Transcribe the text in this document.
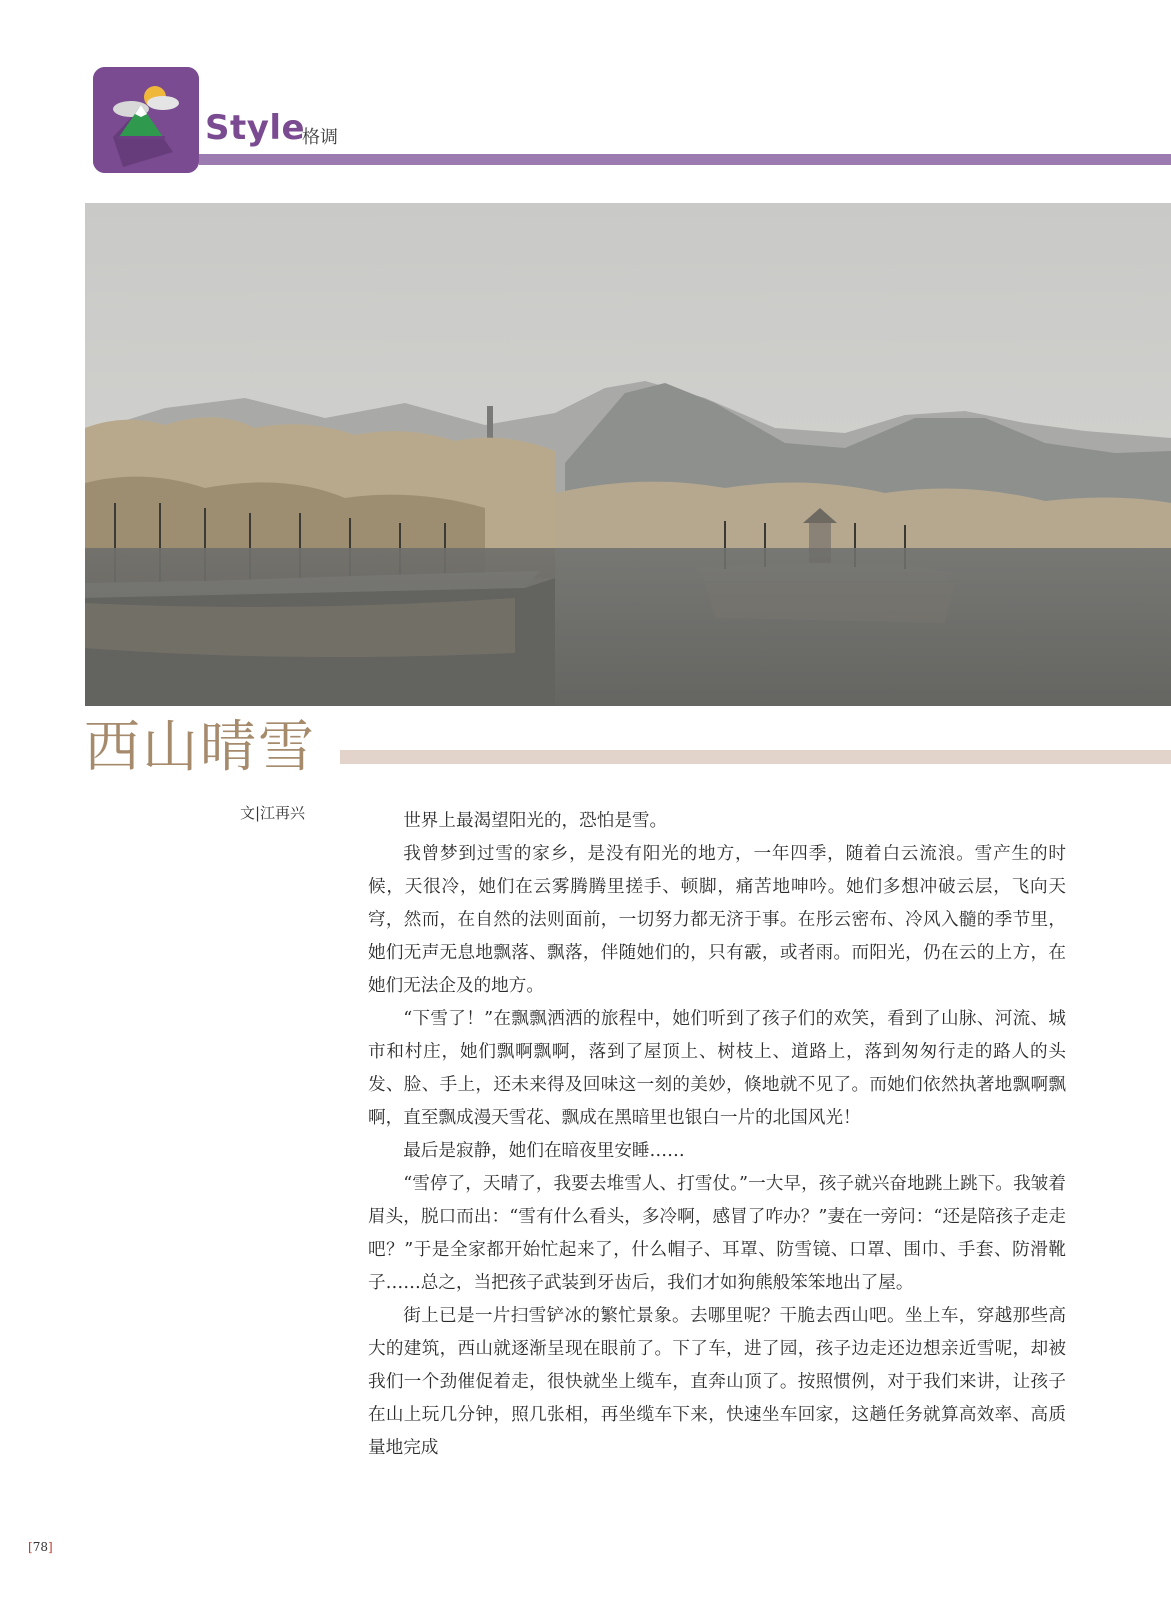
Style
格调
西山晴雪
文|江再兴	世界上最渴望阳光的，恐怕是雪。

我曾梦到过雪的家乡，是没有阳光的地方，一年四季，随着白云流浪。雪产生的时候，天很冷，她们在云雾腾腾里搓手、顿脚，痛苦地呻吟。她们多想冲破云层，飞向天穹，然而，在自然的法则面前，一切努力都无济于事。在彤云密布、冷风入髓的季节里，她们无声无息地飘落、飘落，伴随她们的，只有霰，或者雨。而阳光，仍在云的上方，在她们无法企及的地方。

“下雪了！”在飘飘洒洒的旅程中，她们听到了孩子们的欢笑，看到了山脉、河流、城市和村庄，她们飘啊飘啊，落到了屋顶上、树枝上、道路上，落到匆匆行走的路人的头发、脸、手上，还未来得及回味这一刻的美妙，倏地就不见了。而她们依然执著地飘啊飘啊，直至飘成漫天雪花、飘成在黑暗里也银白一片的北国风光！

最后是寂静，她们在暗夜里安睡……

“雪停了，天晴了，我要去堆雪人、打雪仗。”一大早，孩子就兴奋地跳上跳下。我皱着眉头，脱口而出：“雪有什么看头，多冷啊，感冒了咋办？”妻在一旁问：“还是陪孩子走走吧？”于是全家都开始忙起来了，什么帽子、耳罩、防雪镜、口罩、围巾、手套、防滑靴子……总之，当把孩子武装到牙齿后，我们才如狗熊般笨笨地出了屋。

街上已是一片扫雪铲冰的繁忙景象。去哪里呢？干脆去西山吧。坐上车，穿越那些高大的建筑，西山就逐渐呈现在眼前了。下了车，进了园，孩子边走还边想亲近雪呢，却被我们一个劲催促着走，很快就坐上缆车，直奔山顶了。按照惯例，对于我们来讲，让孩子在山上玩几分钟，照几张相，再坐缆车下来，快速坐车回家，这趟任务就算高效率、高质量地完成

[78]
